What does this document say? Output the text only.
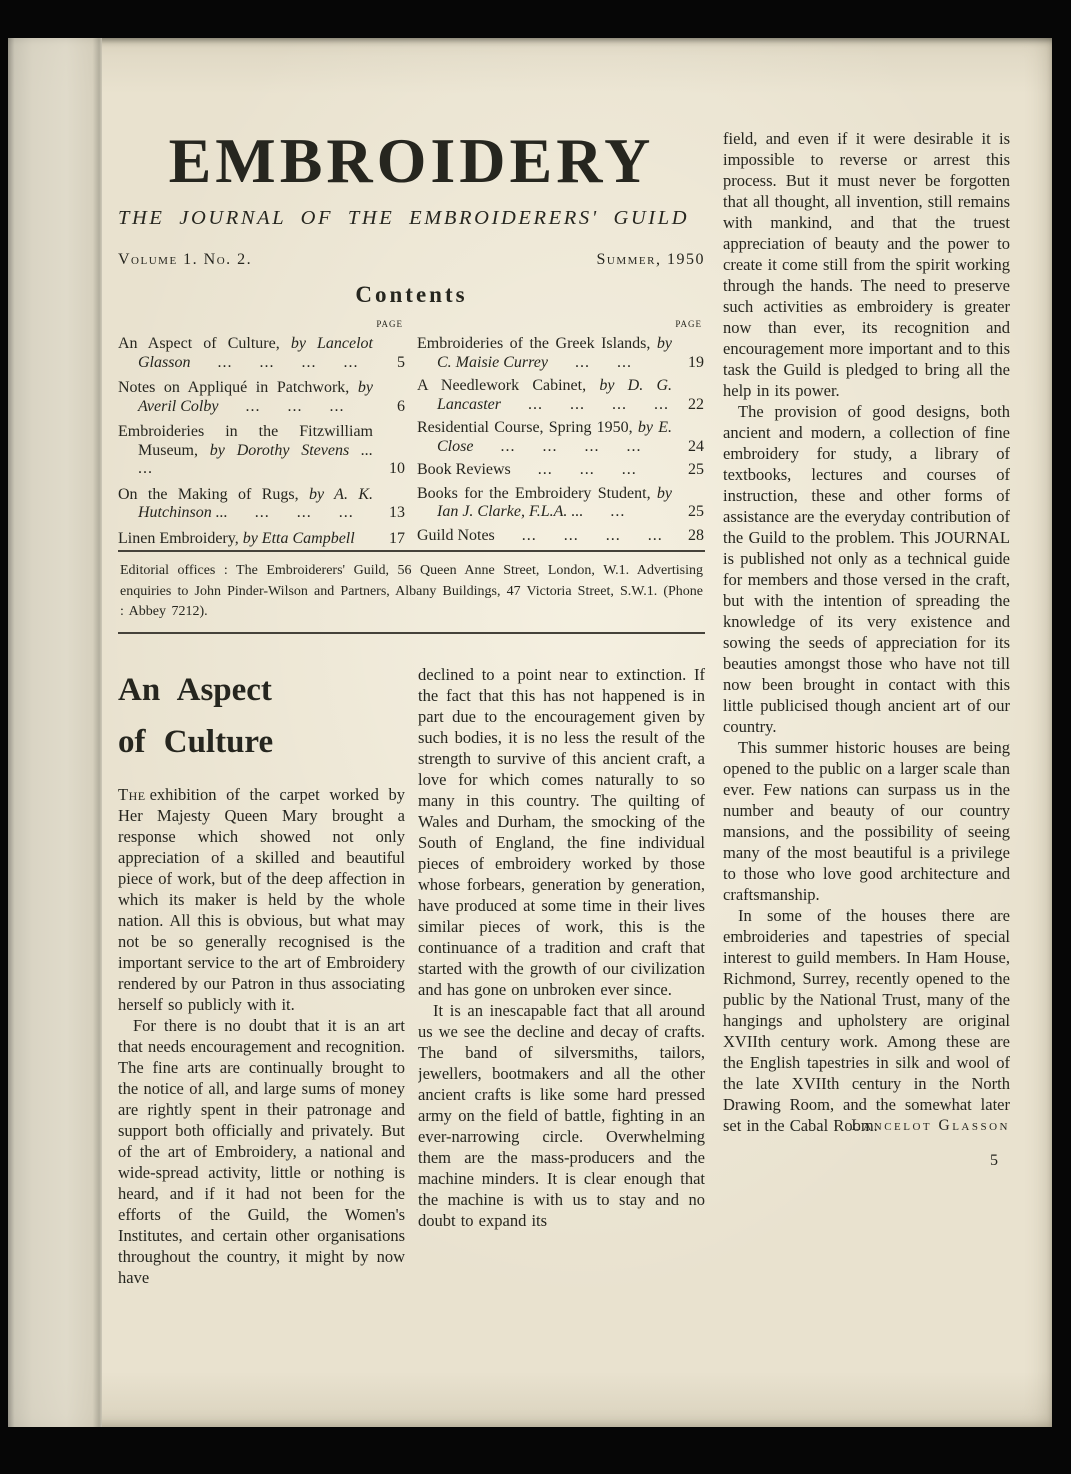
EMBROIDERY
THE JOURNAL OF THE EMBROIDERERS' GUILD
Volume 1. No. 2.	Summer, 1950
Contents
page
An Aspect of Culture, by Lancelot Glasson ... ... ... ... 5
Notes on Appliqué in Patchwork, by Averil Colby ... ... ...	6
Embroideries in the Fitzwilliam Museum, by Dorothy Stevens ... ...	10
On the Making of Rugs, by A. K. Hutchinson ... ... ... ... 13
Linen Embroidery, by Etta Campbell 17
page
Embroideries of the Greek Islands, by C. Maisie Currey ... ...	19
A Needlework Cabinet, by D. G. Lancaster ... ... ... ... 22
Residential Course, Spring 1950, by E. Close ... ... ... ...	24
Book Reviews ... ... ...	25
Books for the Embroidery Student, by Ian J. Clarke, F.L.A. ... ...	25
Guild Notes ... ... ... ... 28
Editorial offices : The Embroiderers' Guild, 56 Queen Anne Street, London, W.1. Advertising enquiries to John Pinder-Wilson and Partners, Albany Buildings, 47 Victoria Street, S.W.1. (Phone : Abbey 7212).
An Aspect
of Culture

The exhibition of the carpet worked by Her Majesty Queen Mary brought a response which showed not only appreciation of a skilled and beautiful piece of work, but of the deep affection in which its maker is held by the whole nation. All this is obvious, but what may not be so generally recognised is the important service to the art of Embroidery rendered by our Patron in thus associating herself so publicly with it.

For there is no doubt that it is an art that needs encouragement and recognition. The fine arts are continually brought to the notice of all, and large sums of money are rightly spent in their patronage and support both officially and privately. But of the art of Embroidery, a national and wide-spread activity, little or nothing is heard, and if it had not been for the efforts of the Guild, the Women's Institutes, and certain other organisations throughout the country, it might by now have

declined to a point near to extinction. If the fact that this has not happened is in part due to the encouragement given by such bodies, it is no less the result of the strength to survive of this ancient craft, a love for which comes naturally to so many in this country. The quilting of Wales and Durham, the smocking of the South of England, the fine individual pieces of embroidery worked by those whose forbears, generation by generation, have produced at some time in their lives similar pieces of work, this is the continuance of a tradition and craft that started with the growth of our civilization and has gone on unbroken ever since.

It is an inescapable fact that all around us we see the decline and decay of crafts. The band of silversmiths, tailors, jewellers, bootmakers and all the other ancient crafts is like some hard pressed army on the field of battle, fighting in an ever-narrowing circle. Overwhelming them are the mass-producers and the machine minders. It is clear enough that the machine is with us to stay and no doubt to expand its

field, and even if it were desirable it is impossible to reverse or arrest this process. But it must never be forgotten that all thought, all invention, still remains with mankind, and that the truest appreciation of beauty and the power to create it come still from the spirit working through the hands. The need to preserve such activities as embroidery is greater now than ever, its recognition and encouragement more important and to this task the Guild is pledged to bring all the help in its power.

The provision of good designs, both ancient and modern, a collection of fine embroidery for study, a library of textbooks, lectures and courses of instruction, these and other forms of assistance are the everyday contribution of the Guild to the problem. This JOURNAL is published not only as a technical guide for members and those versed in the craft, but with the intention of spreading the knowledge of its very existence and sowing the seeds of appreciation for its beauties amongst those who have not till now been brought in contact with this little publicised though ancient art of our country.

This summer historic houses are being opened to the public on a larger scale than ever. Few nations can surpass us in the number and beauty of our country mansions, and the possibility of seeing many of the most beautiful is a privilege to those who love good architecture and craftsmanship.

In some of the houses there are embroideries and tapestries of special interest to guild members. In Ham House, Richmond, Surrey, recently opened to the public by the National Trust, many of the hangings and upholstery are original XVIIth century work. Among these are the English tapestries in silk and wool of the late XVIIth century in the North Drawing Room, and the somewhat later set in the Cabal Room.

Lancelot Glasson
5
